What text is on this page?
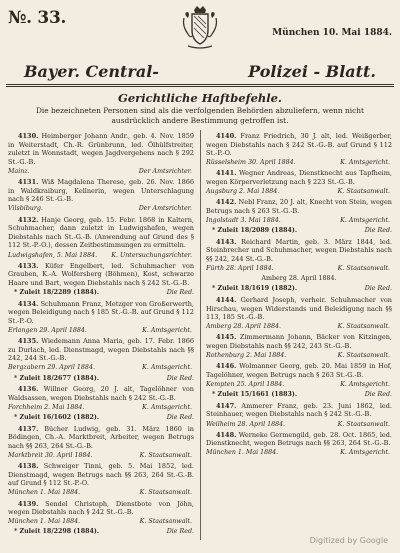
№. 33.
München 10. Mai 1884.
Bayer. Central-	Polizei - Blatt.
Gerichtliche Haftbefehle.
Die bezeichneten Personen sind als die verfolgenden Behörden abzuliefern, wenn nicht ausdrücklich andere Bestimmung getroffen ist.

4130. Heimberger Johann Andr., geb. 4. Nov. 1859 in Weiterstadt, Ch.-R. Grünbrunn, led. Ölhülfstreiter, zuletzt in Wonnstadt, wegen Jagdvergehens nach § 292 St.-G.-B.

Mainz.	Der Amtsrichter.

4131. Wiß Magdalena Therese, geb. 26. Nov. 1866 in Waldkraiburg, Kellnerin, wegen Unterschlagung nach § 246 St.-G.-B.

Vilsbiburg.	Der Amtsrichter.

4132. Hanje Georg, geb. 15. Febr. 1868 in Kaltern, Schuhmacher, dann zuletzt in Ludwigshafen, wegen Diebstahls nach St.-G.-B. (Anwendung auf Grund des § 112 St.-P.-O.), dessen Zeitbestimmungen zu ermitteln.

Ludwigshafen, 5. Mai 1884. K. Untersuchungsrichter.

4133. Küfer Engelbert, led. Schuhmacher von Grauben, K.-A. Wolfersberg (Böhmen), Kost, schwarze Haare und Bart, wegen Diebstahls nach § 242 St.-G.-B.

* Zuleit 18/2289 (1884).	Die Red.

4134. Schuhmann Franz, Metzger von Großerwerth, wegen Beleidigung nach § 185 St.-G.-B. auf Grund § 112 St.-P.-O.

Erlangen 29. April 1884.	K. Amtsgericht.

4135. Wiedemann Anna Maria, geb. 17. Febr. 1866 zu Durlach, led. Dienstmagd, wegen Diebstahls nach §§ 242, 244 St.-G.-B.

Bergzabern 29. April 1884.	K. Amtsgericht.
* Zuleit 18/2677 (1884).	Die Red.

4136. Willner Georg, 20 J. alt, Tagelöhner von Waldsassen, wegen Diebstahls nach § 242 St.-G.-B.

Forchheim 2. Mai 1884.	K. Amtsgericht.
* Zuleit 16/1602 (1882).	Die Red.

4137. Bücher Ludwig, geb. 31. März 1860 in Bödingen, Ch.-A. Marktbreit, Arbeiter, wegen Betrugs nach §§ 263, 264 St.-G.-B.

Marktbreit 30. April 1884.	K. Staatsanwalt.

4138. Schweiger Tinni, geb. 5. Mai 1852, led. Dienstmagd, wegen Betrugs nach §§ 263, 264 St.-G.-B. auf Grund § 112 St.-P.-O.

München 1. Mai 1884.	K. Staatsanwalt.

4139. Sendel Christoph, Dienstbote von Jöhn, wegen Diebstahls nach § 242 St.-G.-B.

München 1. Mai 1884.	K. Staatsanwalt.
* Zuleit 18/2298 (1884).	Die Red.

4140. Franz Friedrich, 30 J. alt, led. Weißgerber, wegen Diebstahls nach § 242 St.-G.-B. auf Grund § 112 St.-P.-O.

Rüsselsheim 30. April 1884.	K. Amtsgericht.

4141. Wegner Andreas, Dienstknecht aus Tapfheim, wegen Körperverletzung nach § 223 St.-G.-B.

Augsburg 2. Mai 1884.	K. Staatsanwalt.

4142. Nebl Franz, 20 J. alt, Knecht von Stein, wegen Betrugs nach § 263 St.-G.-B.

Ingolstadt 3. Mai 1884.	K. Amtsgericht.
* Zuleit 18/2089 (1884).	Die Red.

4143. Reichard Martin, geb. 3. März 1844, led. Steinbrecher und Schuhmacher, wegen Diebstahls nach §§ 242, 244 St.-G.-B.

Fürth 28. April 1884.	K. Staatsanwalt.
Amberg 28. April 1884.
* Zuleit 18/1619 (1882).	Die Red.

4144. Gerhard Joseph, verheir. Schuhmacher von Hirschau, wegen Widerstands und Beleidigung nach §§ 113, 185 St.-G.-B.

Amberg 28. April 1884.	K. Staatsanwalt.

4145. Zimmermann Johann, Bäcker von Kitzingen, wegen Diebstahls nach §§ 242, 243 St.-G.-B.

Rothenburg 2. Mai 1884.	K. Staatsanwalt.

4146. Wolmanner Georg, geb. 20. Mai 1859 in Hof, Tagelöhner, wegen Betrugs nach § 263 St.-G.-B.

Kempten 25. April 1884.	K. Amtsgericht.
* Zuleit 15/1661 (1883).	Die Red.

4147. Ammerer Franz, geb. 23. Juni 1862, led. Steinhauer, wegen Diebstahls nach § 242 St.-G.-B.

Weilheim 28. April 1884.	K. Staatsanwalt.

4148. Werneke Germengild, geb. 28. Oct. 1865, led. Dienstknecht, wegen Betrugs nach §§ 263, 264 St.-G.-B.

München 1. Mai 1884.	K. Amtsgericht.
Digitized by Google
